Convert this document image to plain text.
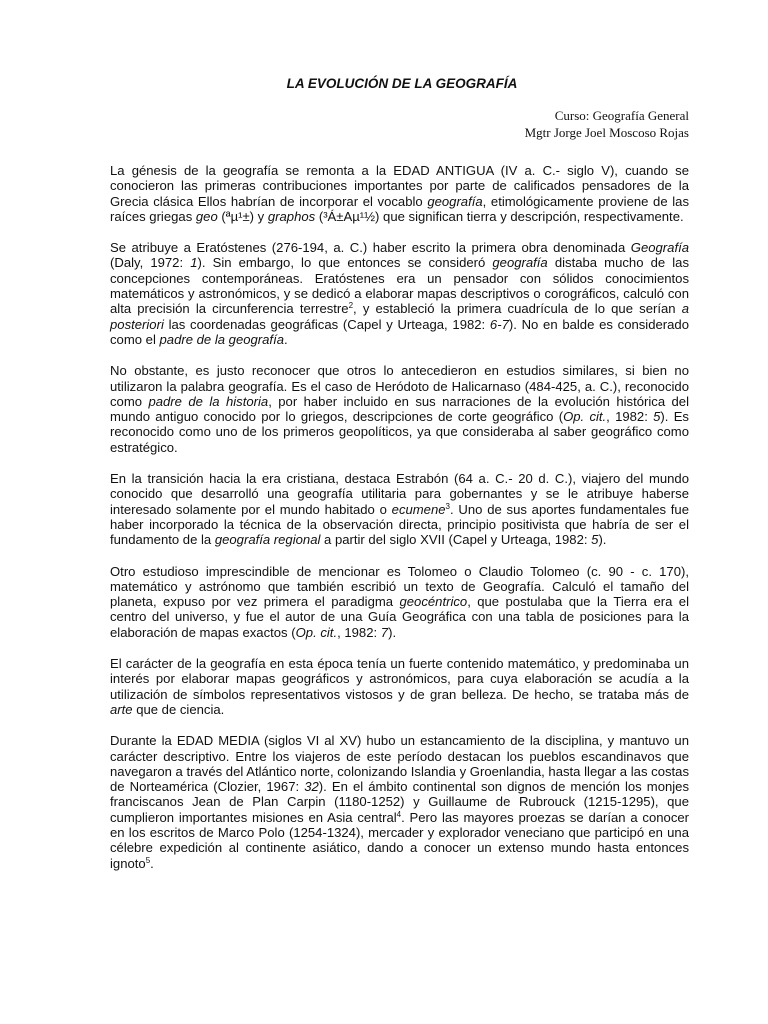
LA EVOLUCIÓN DE LA GEOGRAFÍA
Curso: Geografía General
Mgtr Jorge Joel Moscoso Rojas

La génesis de la geografía se remonta a la EDAD ANTIGUA (IV a. C.- siglo V), cuando se conocieron las primeras contribuciones importantes por parte de calificados pensadores de la Grecia clásica Ellos habrían de incorporar el vocablo geografía, etimológicamente proviene de las raíces griegas geo (ªµ¹±) y graphos (³Á±Aµ¹½) que significan tierra y descripción, respectivamente.

Se atribuye a Eratóstenes (276-194, a. C.) haber escrito la primera obra denominada Geografía (Daly, 1972: 1). Sin embargo, lo que entonces se consideró geografía distaba mucho de las concepciones contemporáneas. Eratóstenes era un pensador con sólidos conocimientos matemáticos y astronómicos, y se dedicó a elaborar mapas descriptivos o corográficos, calculó con alta precisión la circunferencia terrestre$^2$, y estableció la primera cuadrícula de lo que serían a posteriori las coordenadas geográficas (Capel y Urteaga, 1982: 6-7). No en balde es considerado como el padre de la geografía.

No obstante, es justo reconocer que otros lo antecedieron en estudios similares, si bien no utilizaron la palabra geografía. Es el caso de Heródoto de Halicarnaso (484-425, a. C.), reconocido como padre de la historia, por haber incluido en sus narraciones de la evolución histórica del mundo antiguo conocido por lo griegos, descripciones de corte geográfico (Op. cit., 1982: 5). Es reconocido como uno de los primeros geopolíticos, ya que consideraba al saber geográfico como estratégico.

En la transición hacia la era cristiana, destaca Estrabón (64 a. C.- 20 d. C.), viajero del mundo conocido que desarrolló una geografía utilitaria para gobernantes y se le atribuye haberse interesado solamente por el mundo habitado o ecumene$^3$. Uno de sus aportes fundamentales fue haber incorporado la técnica de la observación directa, principio positivista que habría de ser el fundamento de la geografía regional a partir del siglo XVII (Capel y Urteaga, 1982: 5).

Otro estudioso imprescindible de mencionar es Tolomeo o Claudio Tolomeo (c. 90 - c. 170), matemático y astrónomo que también escribió un texto de Geografía. Calculó el tamaño del planeta, expuso por vez primera el paradigma geocéntrico, que postulaba que la Tierra era el centro del universo, y fue el autor de una Guía Geográfica con una tabla de posiciones para la elaboración de mapas exactos (Op. cit., 1982: 7).

El carácter de la geografía en esta época tenía un fuerte contenido matemático, y predominaba un interés por elaborar mapas geográficos y astronómicos, para cuya elaboración se acudía a la utilización de símbolos representativos vistosos y de gran belleza. De hecho, se trataba más de arte que de ciencia.

Durante la EDAD MEDIA (siglos VI al XV) hubo un estancamiento de la disciplina, y mantuvo un carácter descriptivo. Entre los viajeros de este período destacan los pueblos escandinavos que navegaron a través del Atlántico norte, colonizando Islandia y Groenlandia, hasta llegar a las costas de Norteamérica (Clozier, 1967: 32). En el ámbito continental son dignos de mención los monjes franciscanos Jean de Plan Carpin (1180-1252) y Guillaume de Rubrouck (1215-1295), que cumplieron importantes misiones en Asia central$^4$. Pero las mayores proezas se darían a conocer en los escritos de Marco Polo (1254-1324), mercader y explorador veneciano que participó en una célebre expedición al continente asiático, dando a conocer un extenso mundo hasta entonces ignoto$^5$.
